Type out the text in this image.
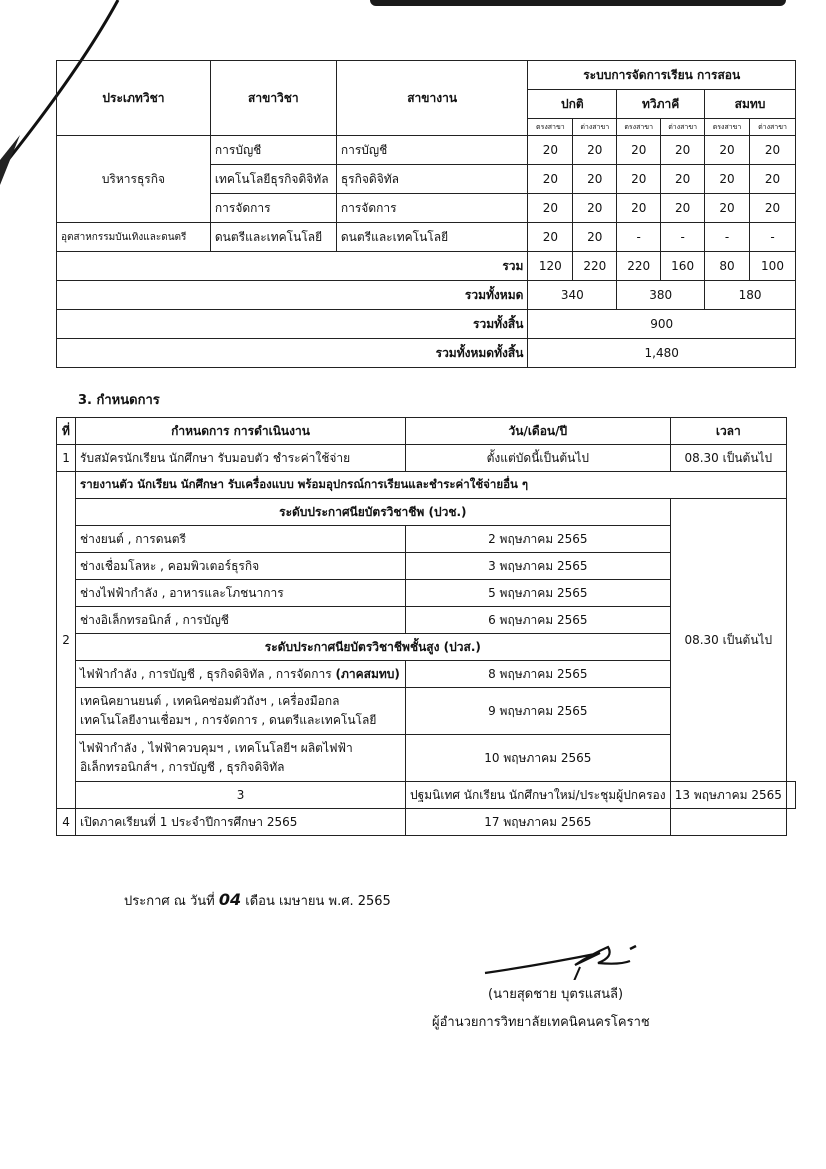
ประเภทวิชา	สาขาวิชา	สาขางาน	ระบบการจัดการเรียน การสอน					
			ปกติ		ทวิภาคี		สมทบ	
			ตรงสาขา	ต่างสาขา	ตรงสาขา	ต่างสาขา	ตรงสาขา	ต่างสาขา
บริหารธุรกิจ	การบัญชี	การบัญชี	20	20	20	20	20	20
	เทคโนโลยีธุรกิจดิจิทัล	ธุรกิจดิจิทัล	20	20	20	20	20	20
	การจัดการ	การจัดการ	20	20	20	20	20	20
อุตสาหกรรมบันเทิงและดนตรี	ดนตรีและเทคโนโลยี	ดนตรีและเทคโนโลยี	20	20	-	-	-	-
รวม			120	220	220	160	80	100
รวมทั้งหมด			340		380		180	
รวมทั้งสิ้น			900					
รวมทั้งหมดทั้งสิ้น			1,480					
3. กำหนดการ
ที่	กำหนดการ การดำเนินงาน	วัน/เดือน/ปี	เวลา	
1	รับสมัครนักเรียน นักศึกษา รับมอบตัว ชำระค่าใช้จ่าย	ตั้งแต่บัดนี้เป็นต้นไป	08.30 เป็นต้นไป	
2	รายงานตัว นักเรียน นักศึกษา รับเครื่องแบบ พร้อมอุปกรณ์การเรียนและชำระค่าใช้จ่ายอื่น ๆ			
	ระดับประกาศนียบัตรวิชาชีพ (ปวช.)		08.30 เป็นต้นไป	
	ช่างยนต์ , การดนตรี	2 พฤษภาคม 2565		
	ช่างเชื่อมโลหะ , คอมพิวเตอร์ธุรกิจ	3 พฤษภาคม 2565		
	ช่างไฟฟ้ากำลัง , อาหารและโภชนาการ	5 พฤษภาคม 2565		
	ช่างอิเล็กทรอนิกส์ , การบัญชี	6 พฤษภาคม 2565		
	ระดับประกาศนียบัตรวิชาชีพชั้นสูง (ปวส.)			
	ไฟฟ้ากำลัง , การบัญชี , ธุรกิจดิจิทัล , การจัดการ (ภาคสมทบ)	8 พฤษภาคม 2565		

	เทคนิคยานยนต์ , เทคนิคซ่อมตัวถังฯ , เครื่องมือกล
เทคโนโลยีงานเชื่อมฯ , การจัดการ , ดนตรีและเทคโนโลยี	9 พฤษภาคม 2565		

	ไฟฟ้ากำลัง , ไฟฟ้าควบคุมฯ , เทคโนโลยีฯ ผลิตไฟฟ้า
อิเล็กทรอนิกส์ฯ , การบัญชี , ธุรกิจดิจิทัล	10 พฤษภาคม 2565		
	3	ปฐมนิเทศ นักเรียน นักศึกษาใหม่/ประชุมผู้ปกครอง	13 พฤษภาคม 2565	
4	เปิดภาคเรียนที่ 1 ประจำปีการศึกษา 2565	17 พฤษภาคม 2565		
ประกาศ ณ วันที่ 04 เดือน เมษายน พ.ศ. 2565
(นายสุดชาย บุตรแสนลี)
ผู้อำนวยการวิทยาลัยเทคนิคนครโคราช
